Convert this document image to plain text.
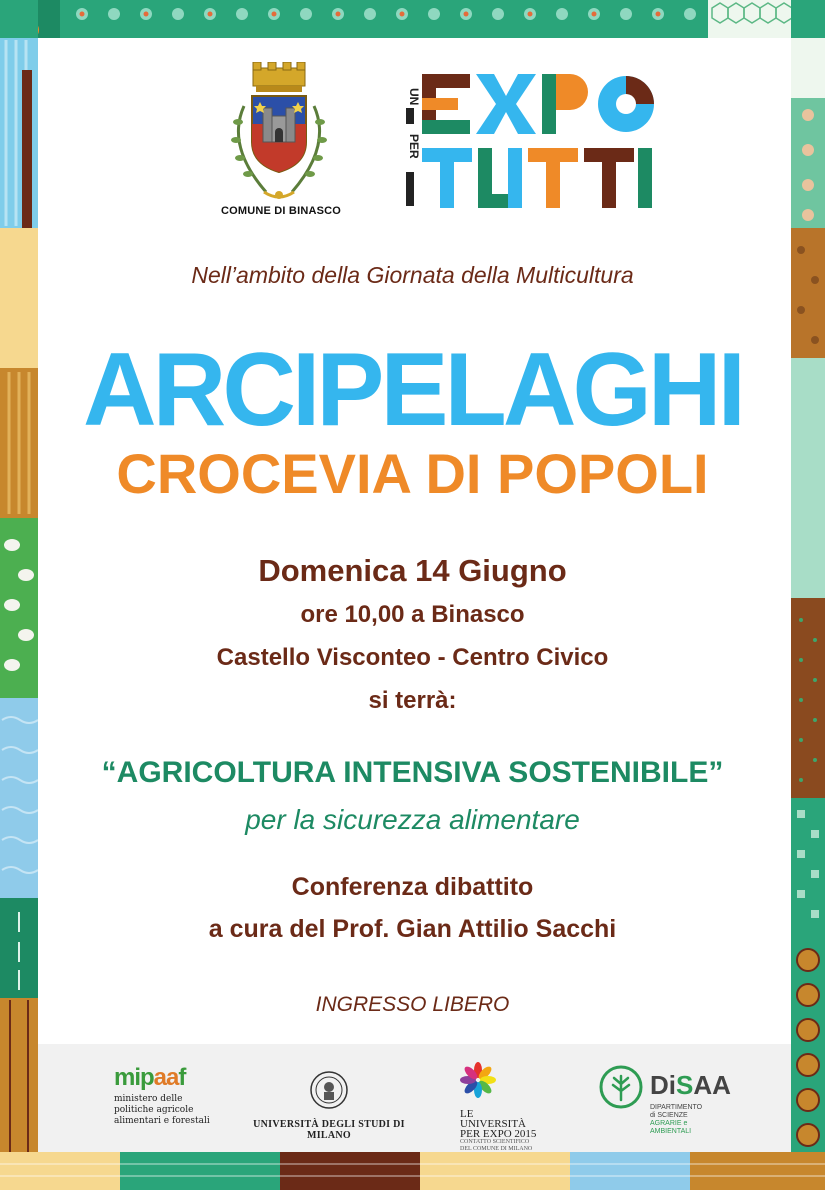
COMUNE DI BINASCO
UN
PER
Nell’ambito della Giornata della Multicultura
ARCIPELAGHI
CROCEVIA DI POPOLI
Domenica 14 Giugno
ore 10,00 a Binasco
Castello Visconteo - Centro Civico
si terrà:
“AGRICOLTURA INTENSIVA SOSTENIBILE”
per la sicurezza alimentare
Conferenza dibattito
a cura del Prof. Gian Attilio Sacchi
INGRESSO LIBERO
mipaaf
ministero delle
politiche agricole
alimentari e forestali	UNIVERSITÀ DEGLI STUDI DI MILANO
LE UNIVERSITÀ
PER EXPO 2015
CONTATTO SCIENTIFICO DEL COMUNE DI MILANO
DiSAA
DIPARTIMENTO
di SCIENZE
AGRARIE e
AMBIENTALI
